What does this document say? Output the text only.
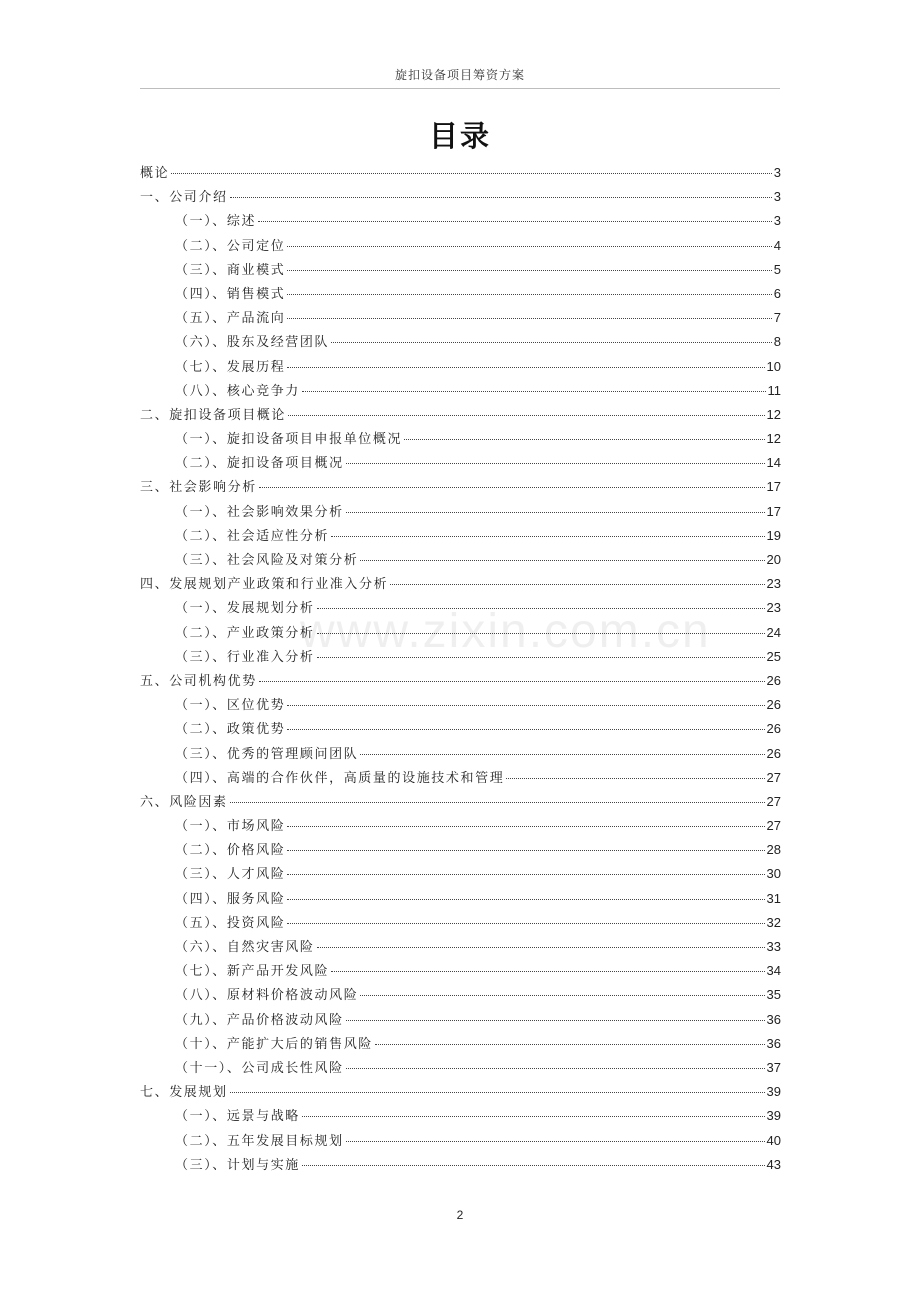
旋扣设备项目筹资方案
目录
www.zixin.com.cn
概论	3
一、公司介绍	3
（一）、综述	3
（二）、公司定位	4
（三）、商业模式	5
（四）、销售模式	6
（五）、产品流向	7
（六）、股东及经营团队	8
（七）、发展历程	10
（八）、核心竞争力	11
二、旋扣设备项目概论	12
（一）、旋扣设备项目申报单位概况	12
（二）、旋扣设备项目概况	14
三、社会影响分析	17
（一）、社会影响效果分析	17
（二）、社会适应性分析	19
（三）、社会风险及对策分析	20
四、发展规划产业政策和行业准入分析	23
（一）、发展规划分析	23
（二）、产业政策分析	24
（三）、行业准入分析	25
五、公司机构优势	26
（一）、区位优势	26
（二）、政策优势	26
（三）、优秀的管理顾问团队	26
（四）、高端的合作伙伴，高质量的设施技术和管理	27
六、风险因素	27
（一）、市场风险	27
（二）、价格风险	28
（三）、人才风险	30
（四）、服务风险	31
（五）、投资风险	32
（六）、自然灾害风险	33
（七）、新产品开发风险	34
（八）、原材料价格波动风险	35
（九）、产品价格波动风险	36
（十）、产能扩大后的销售风险	36
（十一）、公司成长性风险	37
七、发展规划	39
（一）、远景与战略	39
（二）、五年发展目标规划	40
（三）、计划与实施	43
2
